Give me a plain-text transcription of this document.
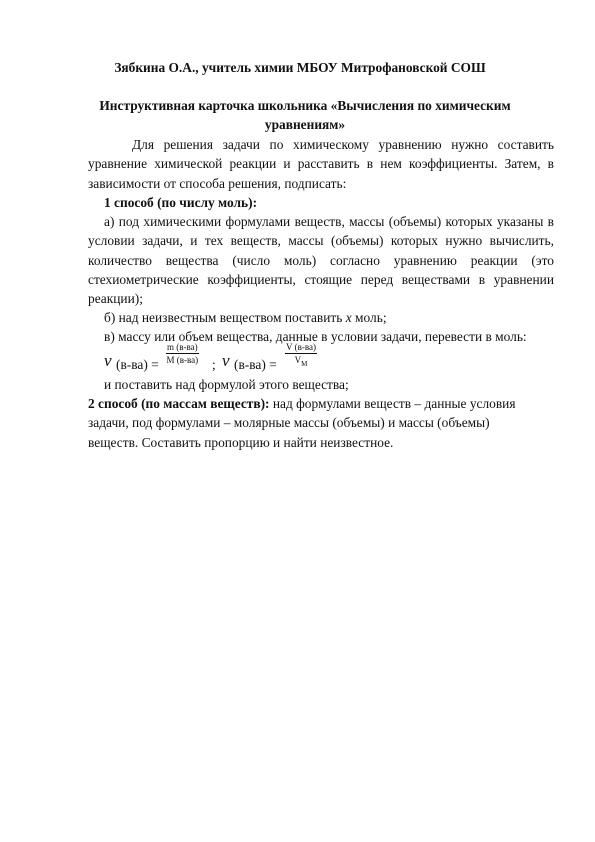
Зябкина О.А., учитель химии МБОУ Митрофановской СОШ
Инструктивная карточка школьника «Вычисления по химическим
уравнениям»
Для решения задачи по химическому уравнению нужно составить уравнение химической реакции и расставить в нем коэффициенты. Затем, в зависимости от способа решения, подписать:
1 способ (по числу моль):
а) под химическими формулами веществ, массы (объемы) которых указаны в условии задачи, и тех веществ, массы (объемы) которых нужно вычислить, количество вещества (число моль) согласно уравнению реакции (это стехиометрические коэффициенты, стоящие перед веществами в уравнении реакции);
б) над неизвестным веществом поставить x моль;
в) массу или объем вещества, данные в условии задачи, перевести в моль:
ν (в-ва) =
m (в-ва)
M (в-ва) ; ν (в-ва) =
V (в-ва)
$V_M$
и поставить над формулой этого вещества;
2 способ (по массам веществ): над формулами веществ – данные условия
задачи, под формулами – молярные массы (объемы) и массы (объемы)
веществ. Составить пропорцию и найти неизвестное.
